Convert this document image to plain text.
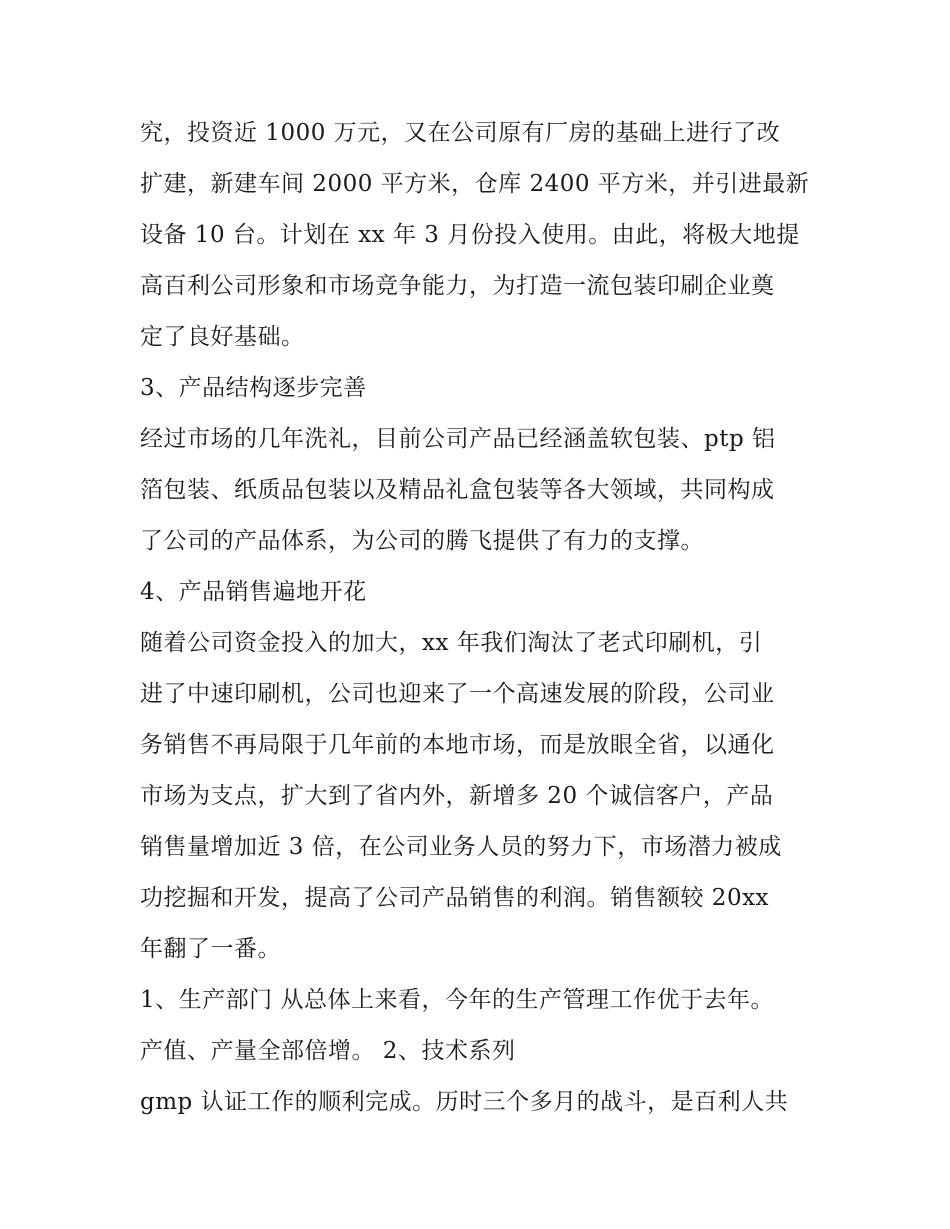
究，投资近 1000 万元，又在公司原有厂房的基础上进行了改
扩建，新建车间 2000 平方米，仓库 2400 平方米，并引进最新
设备 10 台。计划在 xx 年 3 月份投入使用。由此，将极大地提
高百利公司形象和市场竞争能力，为打造一流包装印刷企业奠
定了良好基础。
3、产品结构逐步完善
经过市场的几年洗礼，目前公司产品已经涵盖软包装、ptp 铝
箔包装、纸质品包装以及精品礼盒包装等各大领域，共同构成
了公司的产品体系，为公司的腾飞提供了有力的支撑。
4、产品销售遍地开花
随着公司资金投入的加大，xx 年我们淘汰了老式印刷机，引
进了中速印刷机，公司也迎来了一个高速发展的阶段，公司业
务销售不再局限于几年前的本地市场，而是放眼全省，以通化
市场为支点，扩大到了省内外，新增多 20 个诚信客户，产品
销售量增加近 3 倍，在公司业务人员的努力下，市场潜力被成
功挖掘和开发，提高了公司产品销售的利润。销售额较 20xx
年翻了一番。
1、生产部门 从总体上来看，今年的生产管理工作优于去年。
产值、产量全部倍增。 2、技术系列
gmp 认证工作的顺利完成。历时三个多月的战斗，是百利人共
